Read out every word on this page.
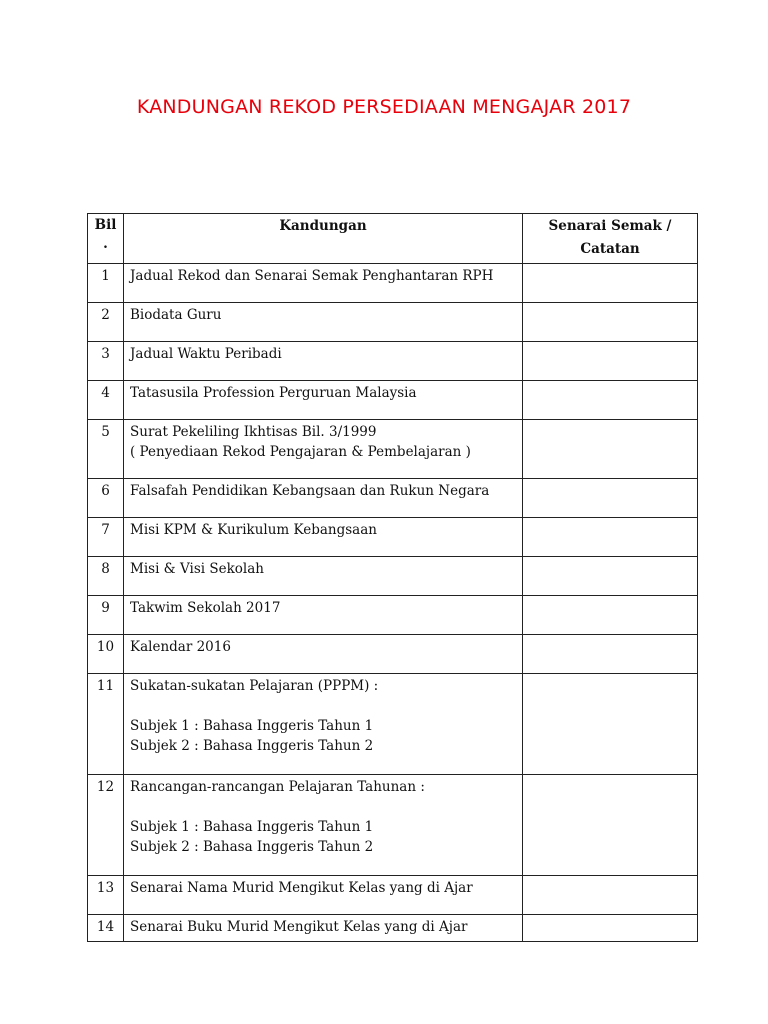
KANDUNGAN REKOD PERSEDIAAN MENGAJAR 2017
Bil
.	Kandungan	Senarai Semak /
Catatan

1	Jadual Rekod dan Senarai Semak Penghantaran RPH	

2	Biodata Guru	

3	Jadual Waktu Peribadi	

4	Tatasusila Profession Perguruan Malaysia	

5	Surat Pekeliling Ikhtisas Bil. 3/1999
( Penyediaan Rekod Pengajaran & Pembelajaran )	

6	Falsafah Pendidikan Kebangsaan dan Rukun Negara	

7	Misi KPM & Kurikulum Kebangsaan	

8	Misi & Visi Sekolah	

9	Takwim Sekolah 2017	

10	Kalendar 2016	

11	Sukatan-sukatan Pelajaran (PPPM) :
Subjek 1 : Bahasa Inggeris Tahun 1
Subjek 2 : Bahasa Inggeris Tahun 2	

12	Rancangan-rancangan Pelajaran Tahunan :
Subjek 1 : Bahasa Inggeris Tahun 1
Subjek 2 : Bahasa Inggeris Tahun 2	

13	Senarai Nama Murid Mengikut Kelas yang di Ajar	

14	Senarai Buku Murid Mengikut Kelas yang di Ajar	
